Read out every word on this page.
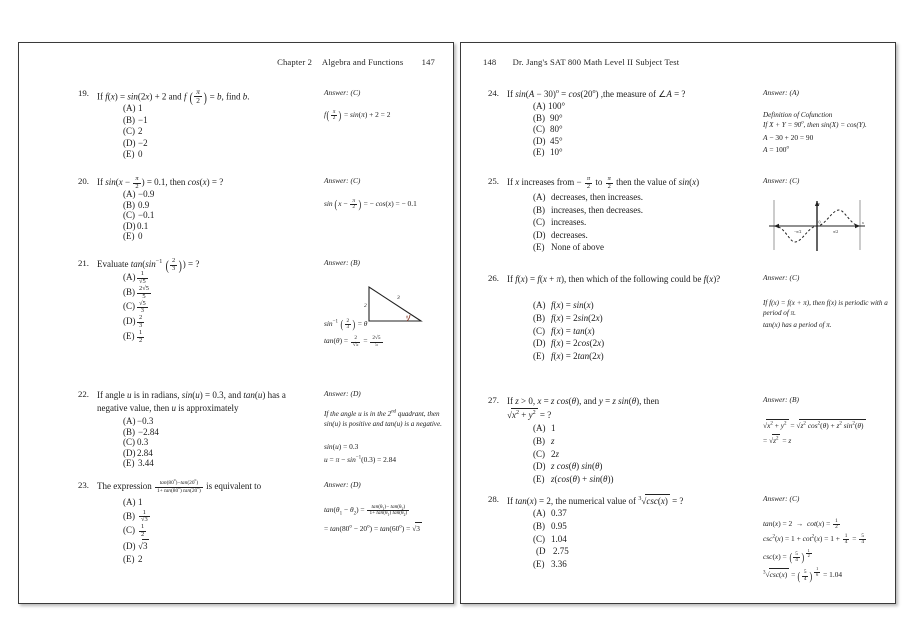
Chapter 2 Algebra and Functions 147
19. If f(x) = sin(2x) + 2 and f ( $\frac{\pi}{2}$ ) = b, find b.
(A) 1
(B) −1
(C) 2
(D) −2
(E) 0
Answer: (C)
$f( \frac{\pi}{2}$ ) = sin(π) + 2 = 2
20. If $\sin(x - \frac{\pi}{2}$ ) = 0.1, then cos(x) = ?
(A) −0.9
(B) 0.9
(C) −0.1
(D) 0.1
(E) 0
Answer: (C)
$\sin (x - \frac{\pi}{2}$ ) = − cos(x) = − 0.1
21. Evaluate $\tan(\sin^{-1}$ ( $\frac{2}{3}$ )) = ?
$(A) \frac{1}{√5}$
$(B) \frac{2√5}{5}$
$(C) \frac{√5}{3}$
$(D) \frac{2}{3}$
$(E) \frac{1}{2}$
Answer: (B)
2
3
θ
$\sin^{-1}$ ( $\frac{2}{3}$ ) = θ
$\tan(\theta) = \frac{2}{√5} = \frac{2√5}{5}$
22. If angle u is in radians, sin(u) = 0.3, and tan(u) has a negative value, then u is approximately
(A) −0.3
(B) −2.84
(C) 0.3
(D) 2.84
(E) 3.44
Answer: (D)
If the angle u is in the 2nd quadrant, then sin(u) is positive and tan(u) is a negative.
sin(u) = 0.3
$u = \pi - \sin^{-1}(0.3) = 2.84$
23. The expression $\frac{\tan(80^o)-\tan(20^o)}{1+ \tan(80^o) \tan(20^o)}$ is equivalent to
(A) 1
$(B) \frac{1}{√3}$
$(C) \frac{1}{2}$
(D) √3
(E) 2
Answer: (D)
$\tan(\theta_1 - \theta_2) = \frac{\tan(\theta_1)- \tan(\theta_2)}{1+ \tan(\theta_1) \tan(\theta_2)}$
= $\tan(80^o - 20^o) = \tan(60^o) = √3$
148 Dr. Jang's SAT 800 Math Level II Subject Test
24. If $\sin(A - 30)^o = \cos(20^o)$ ,the measure of ∠A = ?
(A) 100°
(B) 90°
(C) 80°
(D) 45°
(E) 10°
Answer: (A)
Definition of Cofunction
If $X + Y = 90^o$, then sin(X) = cos(Y).
A − 30 + 20 = 90
$A = 100^o$
25. If x increases from − $\frac{\pi}{2}$ to $\frac{\pi}{2}$ then the value of sin(x)
(A) decreases, then increases.
(B) increases, then decreases.
(C) increases.
(D) decreases.
(E) None of above
Answer: (C)
y
0
−π/2	π/2
x
26. If f(x) = f(x + π), then which of the following could be f(x)?
(A) f(x) = sin(x)
(B) f(x) = 2sin(2x)
(C) f(x) = tan(x)
(D) f(x) = 2cos(2x)
(E) f(x) = 2tan(2x)
Answer: (C)
If f(x) = f(x + π), then f(x) is periodic with a period of π.
tan(x) has a period of π.
27. If z > 0, x = z cos(θ), and y = z sin(θ), then
$√x^2 + y^2$ = ?
(A) 1
(B) z
(C) 2z
(D) z cos(θ) sin(θ)
(E) z(cos(θ) + sin(θ))
Answer: (B)
$√x^2 + y^2 = √z^2$ $\cos^2(\theta) + z^2$ $\sin^2(\theta)$
= $√z^2 = z$
28. If tan(x) = 2, the numerical value of $^3$√csc(x) = ?
(A) 0.37
(B) 0.95
(C) 1.04
(D 2.75
(E) 3.36
Answer: (C)
$\tan(x) = 2 \to \cot(x) = \frac{1}{2}$
$\csc^2(x) = 1 + \cot^2(x) = 1 + \frac{1}{4} = \frac{5}{4}$
csc(x) = ( $\frac{5}{4}$ ) $^{\frac{1}{2}}$
$^3$√csc(x) = ( $\frac{5}{4}$ ) $^{\frac{1}{6}}$ = 1.04
